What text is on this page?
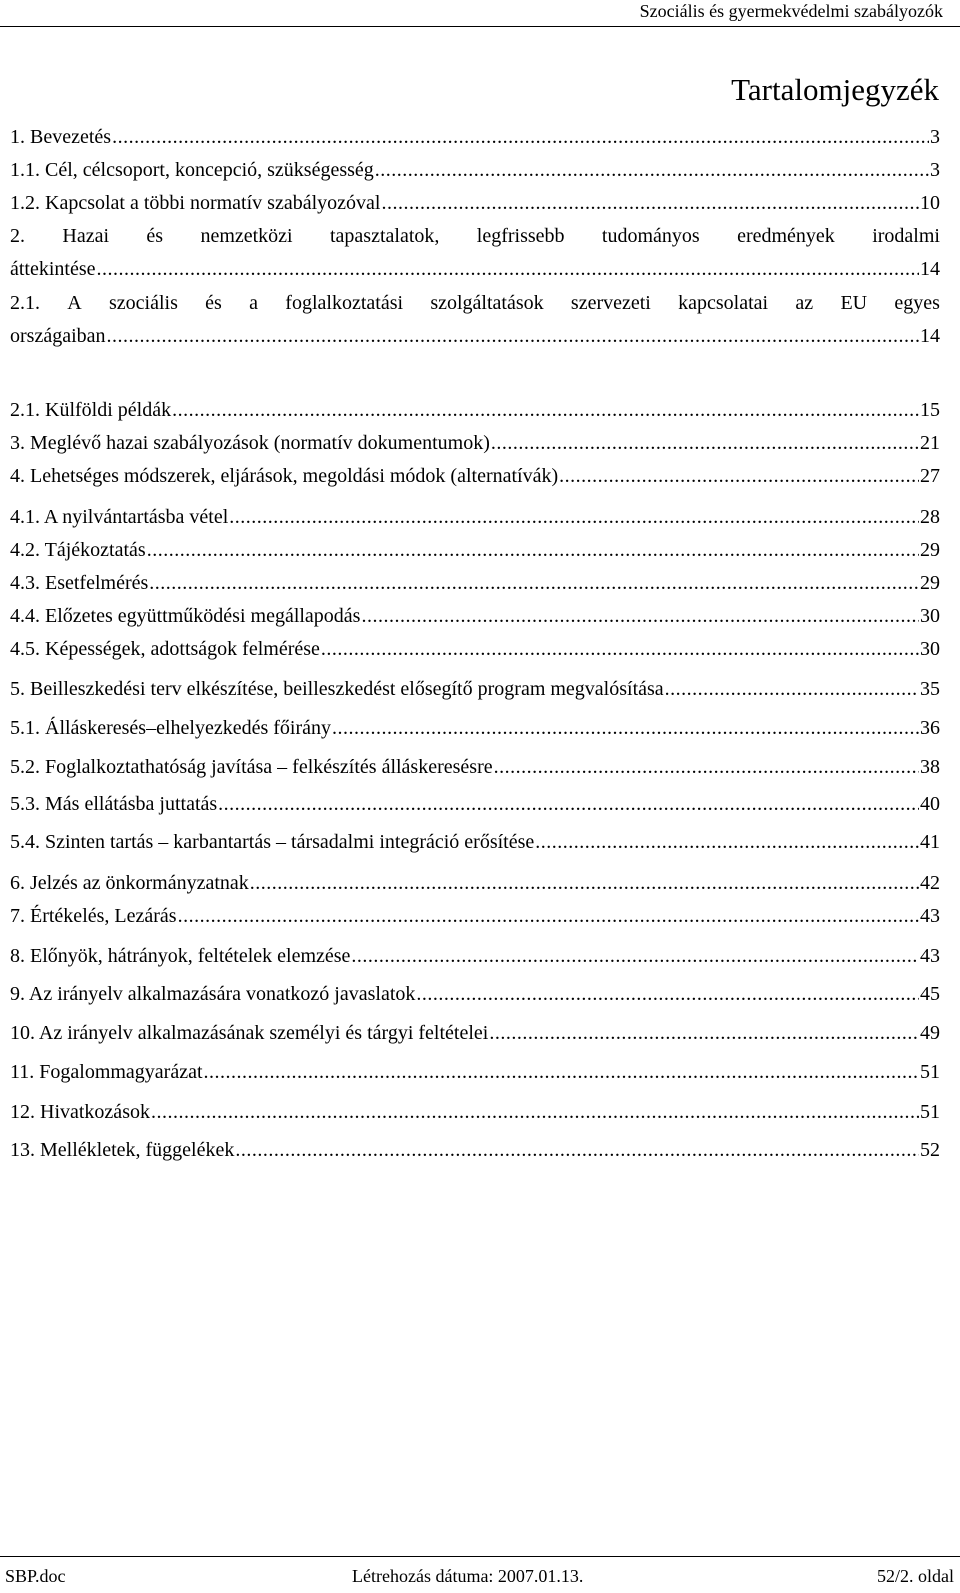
Szociális és gyermekvédelmi szabályozók
Tartalomjegyzék
1. Bevezetés .....	3
1.1. Cél, célcsoport, koncepció, szükségesség .....	3
1.2. Kapcsolat a többi normatív szabályozóval .....	10
2. Hazai és nemzetközi tapasztalatok, legfrissebb tudományos eredmények irodalmi
áttekintése .....	14
2.1. A szociális és a foglalkoztatási szolgáltatások szervezeti kapcsolatai az EU egyes
országaiban .....	14
2.1. Külföldi példák .....	15
3. Meglévő hazai szabályozások (normatív dokumentumok) .....	21
4. Lehetséges módszerek, eljárások, megoldási módok (alternatívák) .....	27
4.1. A nyilvántartásba vétel .....	28
4.2. Tájékoztatás .....	29
4.3. Esetfelmérés .....	29
4.4. Előzetes együttműködési megállapodás .....	30
4.5. Képességek, adottságok felmérése .....	30
5. Beilleszkedési terv elkészítése, beilleszkedést elősegítő program megvalósítása .....	35
5.1. Álláskeresés–elhelyezkedés főirány .....	36
5.2. Foglalkoztathatóság javítása – felkészítés álláskeresésre .....	38
5.3. Más ellátásba juttatás .....	40
5.4. Szinten tartás – karbantartás – társadalmi integráció erősítése .....	41
6. Jelzés az önkormányzatnak .....	42
7. Értékelés, Lezárás .....	43
8. Előnyök, hátrányok, feltételek elemzése .....	43
9. Az irányelv alkalmazására vonatkozó javaslatok .....	45
10. Az irányelv alkalmazásának személyi és tárgyi feltételei .....	49
11. Fogalommagyarázat .....	51
12. Hivatkozások .....	51
13. Mellékletek, függelékek .....	52
SBP.doc	Létrehozás dátuma: 2007.01.13.	52/2. oldal
